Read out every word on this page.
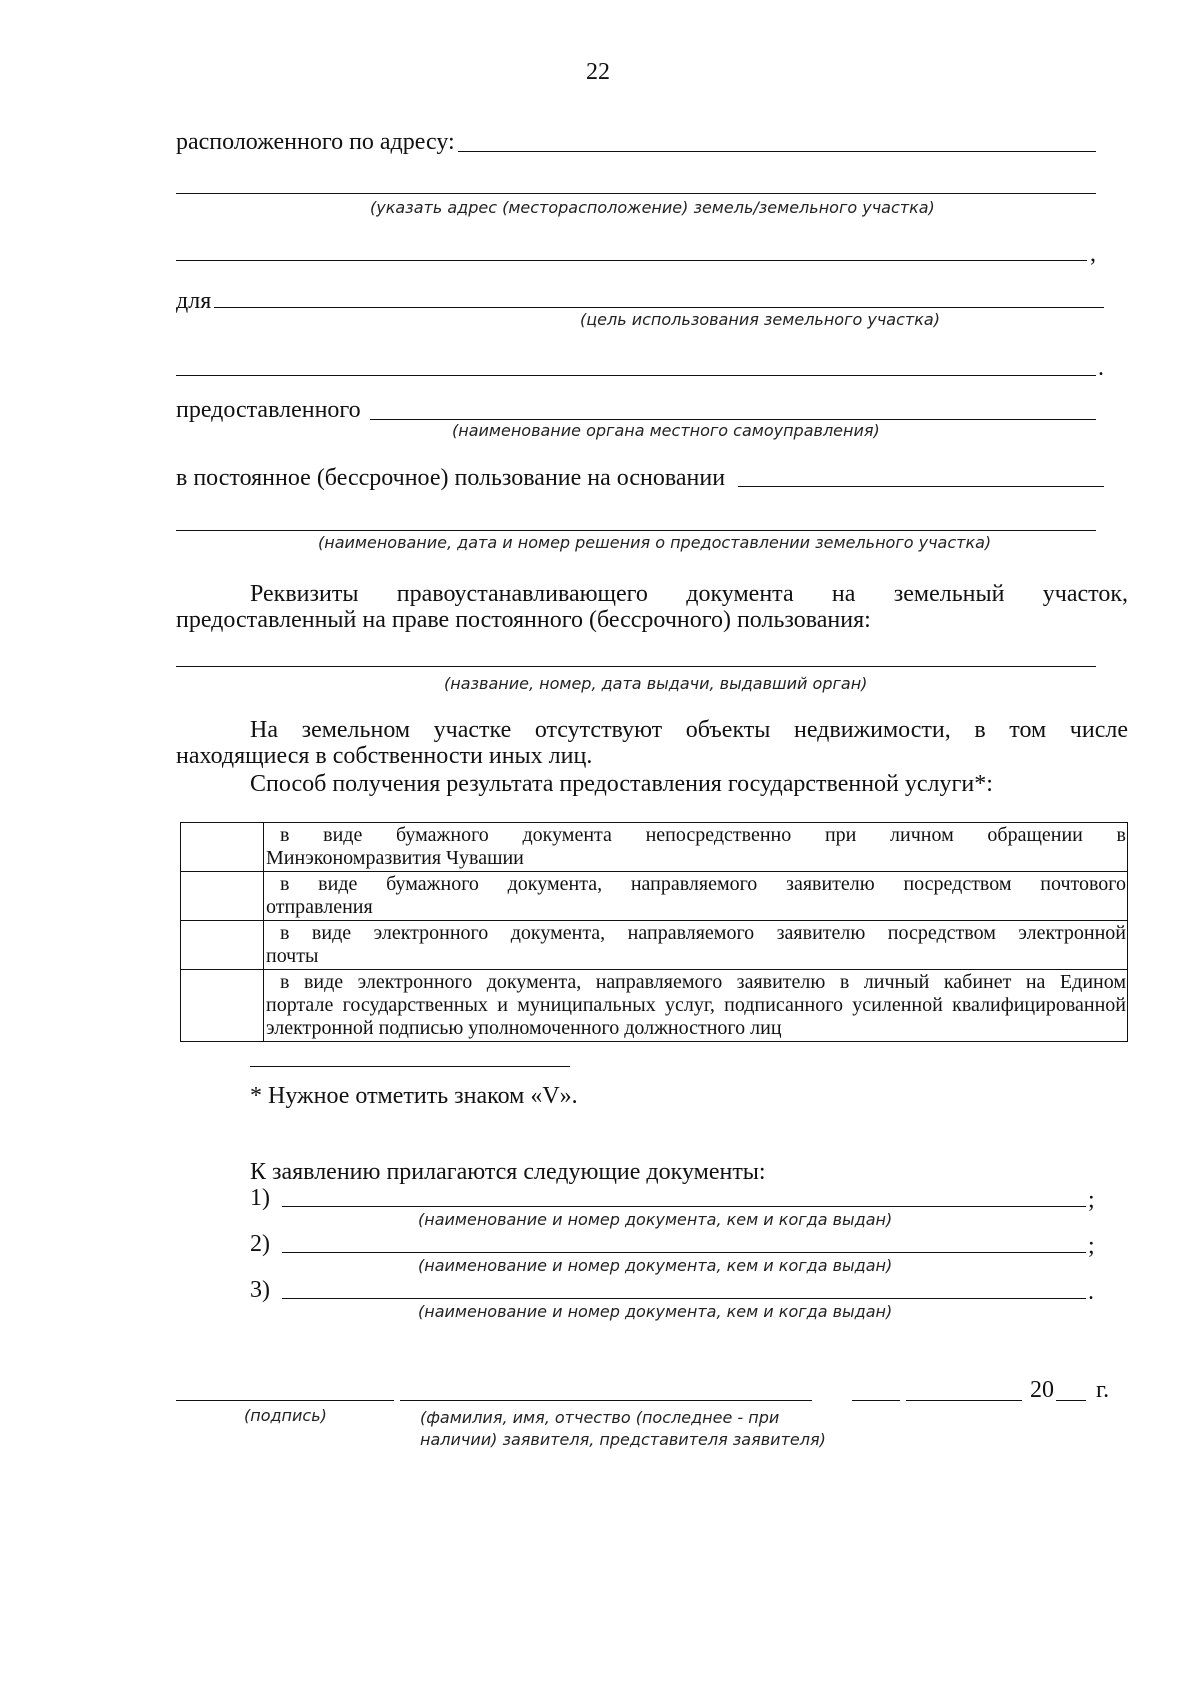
22
расположенного по адресу:
(указать адрес (месторасположение) земель/земельного участка)
,
для
(цель использования земельного участка)
.
предоставленного
(наименование органа местного самоуправления)
в постоянное (бессрочное) пользование на основании
(наименование, дата и номер решения о предоставлении земельного участка)
Реквизиты правоустанавливающего документа на земельный участок,
предоставленный на праве постоянного (бессрочного) пользования:
(название, номер, дата выдачи, выдавший орган)
На земельном участке отсутствуют объекты недвижимости, в том числе
находящиеся в собственности иных лиц.
Способ получения результата предоставления государственной услуги*:

	в виде бумажного документа непосредственно при личном обращении в
Минэкономразвития Чувашии

	в виде бумажного документа, направляемого заявителю посредством почтового
отправления

	в виде электронного документа, направляемого заявителю посредством электронной
почты

	в виде электронного документа, направляемого заявителю в личный кабинет на Едином
портале государственных и муниципальных услуг, подписанного усиленной квалифицированной электронной подписью уполномоченного должностного лиц
* Нужное отметить знаком «V».
К заявлению прилагаются следующие документы:
1)	;
(наименование и номер документа, кем и когда выдан)
2)	;
(наименование и номер документа, кем и когда выдан)
3)	.
(наименование и номер документа, кем и когда выдан)
20 г.
(подпись)	(фамилия, имя, отчество (последнее - при
наличии) заявителя, представителя заявителя)
